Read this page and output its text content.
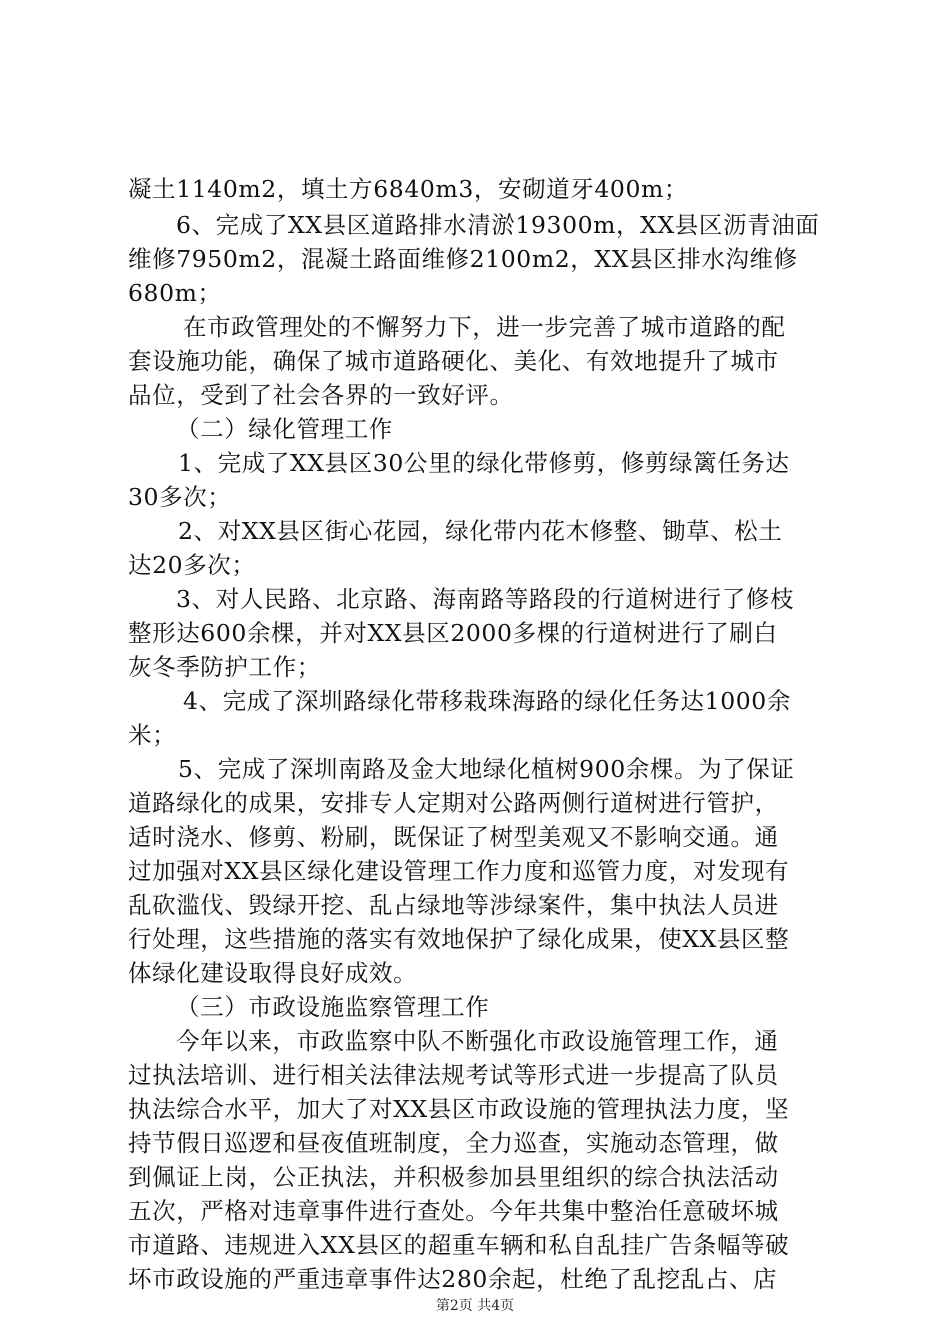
凝土1140m2，填土方6840m3，安砌道牙400m；
6、完成了XX县区道路排水清淤19300m，XX县区沥青油面
维修7950m2，混凝土路面维修2100m2，XX县区排水沟维修
680m；
在市政管理处的不懈努力下，进一步完善了城市道路的配
套设施功能，确保了城市道路硬化、美化、有效地提升了城市
品位，受到了社会各界的一致好评。
（二）绿化管理工作
1、完成了XX县区30公里的绿化带修剪，修剪绿篱任务达
30多次；
2、对XX县区街心花园，绿化带内花木修整、锄草、松土
达20多次；
3、对人民路、北京路、海南路等路段的行道树进行了修枝
整形达600余棵，并对XX县区2000多棵的行道树进行了刷白
灰冬季防护工作；
4、完成了深圳路绿化带移栽珠海路的绿化任务达1000余
米；
5、完成了深圳南路及金大地绿化植树900余棵。为了保证
道路绿化的成果，安排专人定期对公路两侧行道树进行管护，
适时浇水、修剪、粉刷，既保证了树型美观又不影响交通。通
过加强对XX县区绿化建设管理工作力度和巡管力度，对发现有
乱砍滥伐、毁绿开挖、乱占绿地等涉绿案件，集中执法人员进
行处理，这些措施的落实有效地保护了绿化成果，使XX县区整
体绿化建设取得良好成效。
（三）市政设施监察管理工作
今年以来，市政监察中队不断强化市政设施管理工作，通
过执法培训、进行相关法律法规考试等形式进一步提高了队员
执法综合水平，加大了对XX县区市政设施的管理执法力度，坚
持节假日巡逻和昼夜值班制度，全力巡查，实施动态管理，做
到佩证上岗，公正执法，并积极参加县里组织的综合执法活动
五次，严格对违章事件进行查处。今年共集中整治任意破坏城
市道路、违规进入XX县区的超重车辆和私自乱挂广告条幅等破
坏市政设施的严重违章事件达280余起，杜绝了乱挖乱占、店
第2页 共4页
